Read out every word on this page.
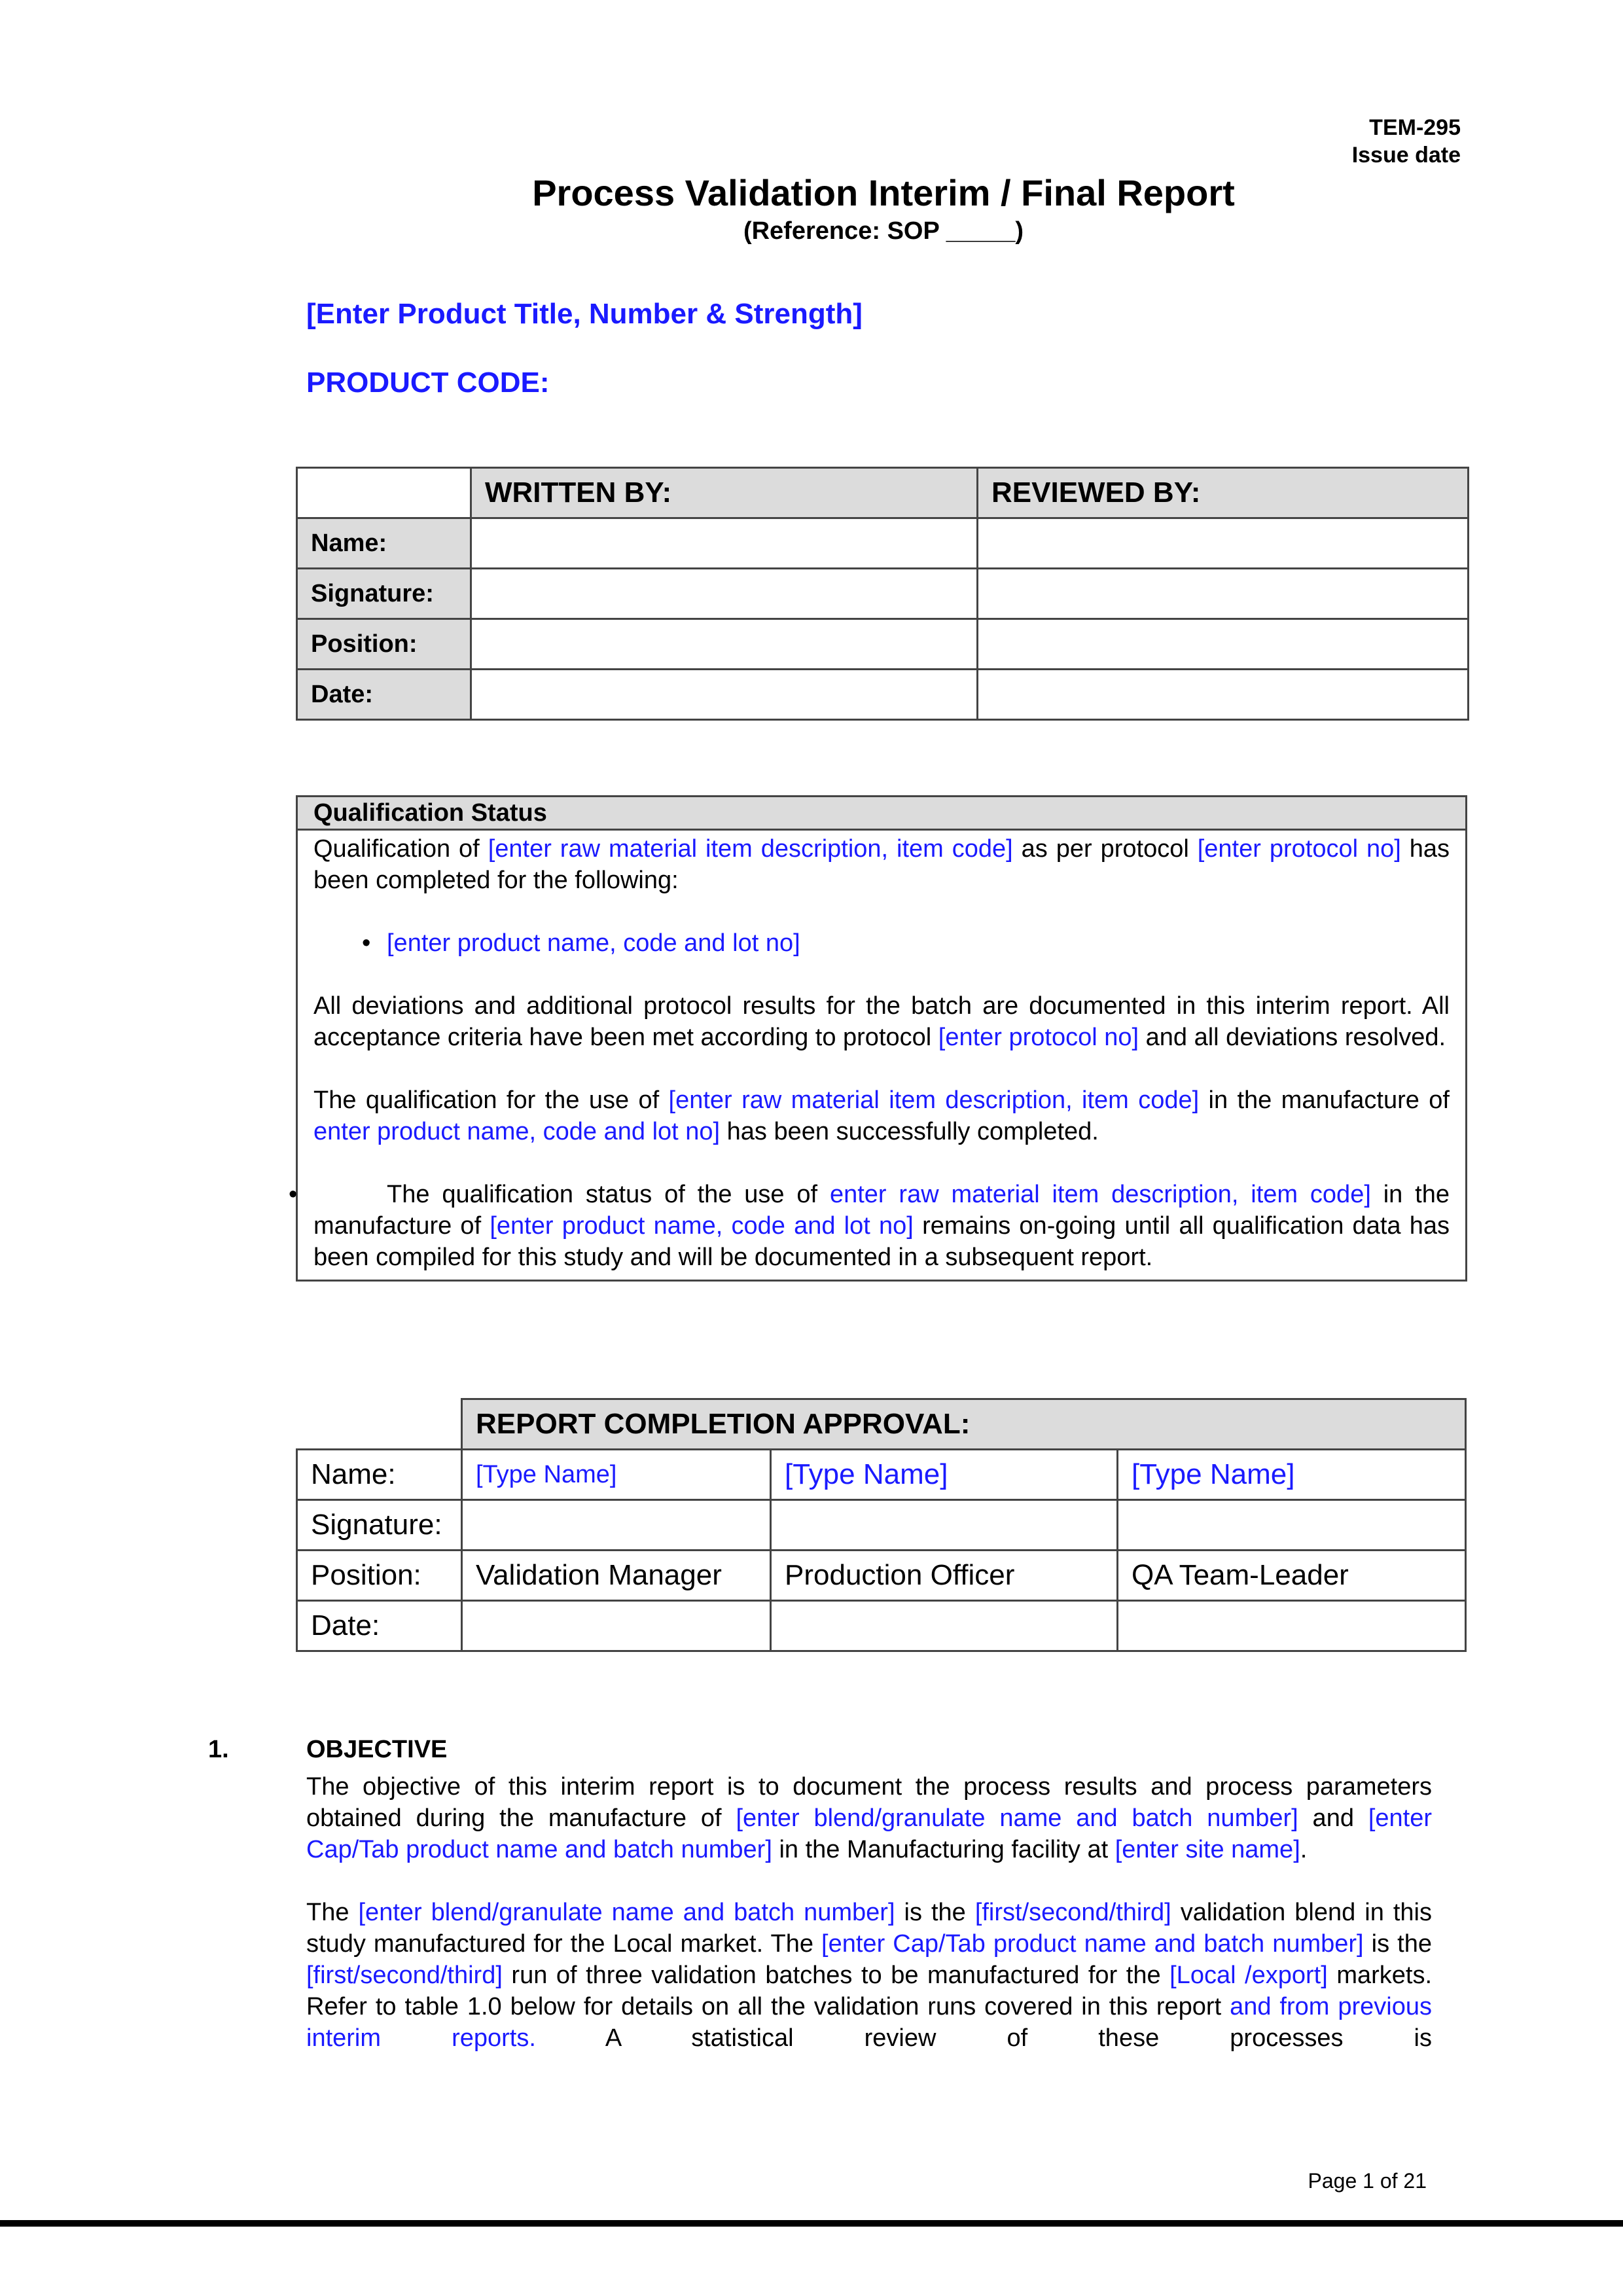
TEM-295
Issue date
Process Validation Interim / Final Report
(Reference: SOP _____)
[Enter Product Title, Number & Strength]
PRODUCT CODE:
	WRITTEN BY:	REVIEWED BY:
Name:		
Signature:		
Position:		
Date:		
Qualification Status

Qualification of [enter raw material item description, item code] as per protocol [enter protocol no] has been completed for the following:

• [enter product name, code and lot no]

All deviations and additional protocol results for the batch are documented in this interim report. All acceptance criteria have been met according to protocol [enter protocol no] and all deviations resolved.

The qualification for the use of [enter raw material item description, item code] in the manufacture of enter product name, code and lot no] has been successfully completed.

•	The qualification status of the use of enter raw material item description, item code] in the manufacture of [enter product name, code and lot no] remains on-going until all qualification data has been compiled for this study and will be documented in a subsequent report.

	REPORT COMPLETION APPROVAL:		
Name:	[Type Name]	[Type Name]	[Type Name]
Signature:			
Position:	Validation Manager	Production Officer	QA Team-Leader
Date:			
1.	OBJECTIVE

The objective of this interim report is to document the process results and process parameters obtained during the manufacture of [enter blend/granulate name and batch number] and [enter Cap/Tab product name and batch number] in the Manufacturing facility at [enter site name].

The [enter blend/granulate name and batch number] is the [first/second/third] validation blend in this study manufactured for the Local market. The [enter Cap/Tab product name and batch number] is the [first/second/third] run of three validation batches to be manufactured for the [Local /export] markets. Refer to table 1.0 below for details on all the validation runs covered in this report and from previous interim reports. A statistical review of these processes is

Page 1 of 21
